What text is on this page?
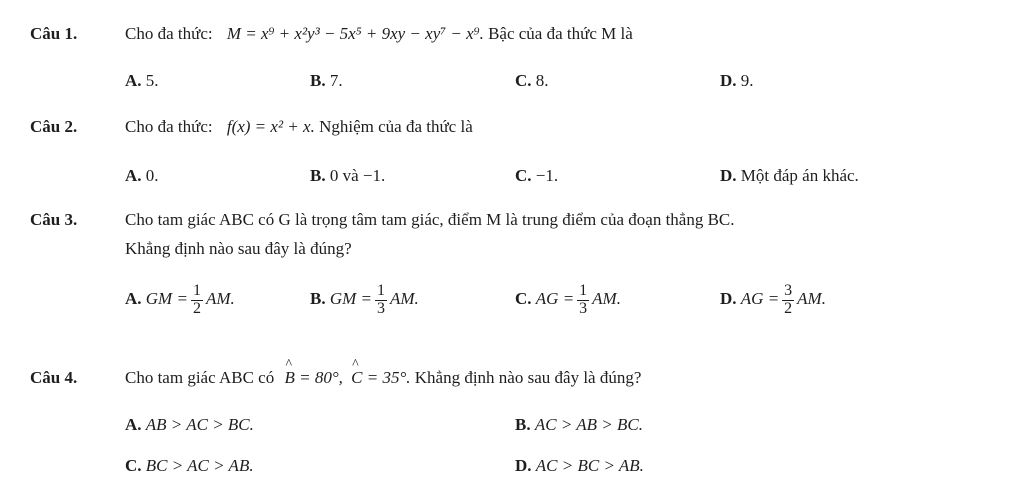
Câu 1.	Cho đa thức: M = x⁹ + x²y³ − 5x⁵ + 9xy − xy⁷ − x⁹. Bậc của đa thức M là
A. 5.	B. 7.	C. 8.	D. 9.
Câu 2.	Cho đa thức: f(x) = x² + x. Nghiệm của đa thức là
A. 0.	B. 0 và −1.	C. −1.	D. Một đáp án khác.
Câu 3.	Cho tam giác ABC có G là trọng tâm tam giác, điểm M là trung điểm của đoạn thẳng BC.
Khẳng định nào sau đây là đúng?
A. GM = $\frac{1}{2}$ AM.	B. GM = $\frac{1}{3}$ AM.	C. AG = $\frac{1}{3}$ AM.	D. AG = $\frac{3}{2}$ AM.
Câu 4.	Cho tam giác ABC có ^ B = 80°, ^ C = 35°. Khẳng định nào sau đây là đúng?
A. AB > AC > BC.	B. AC > AB > BC.
C. BC > AC > AB.	D. AC > BC > AB.
